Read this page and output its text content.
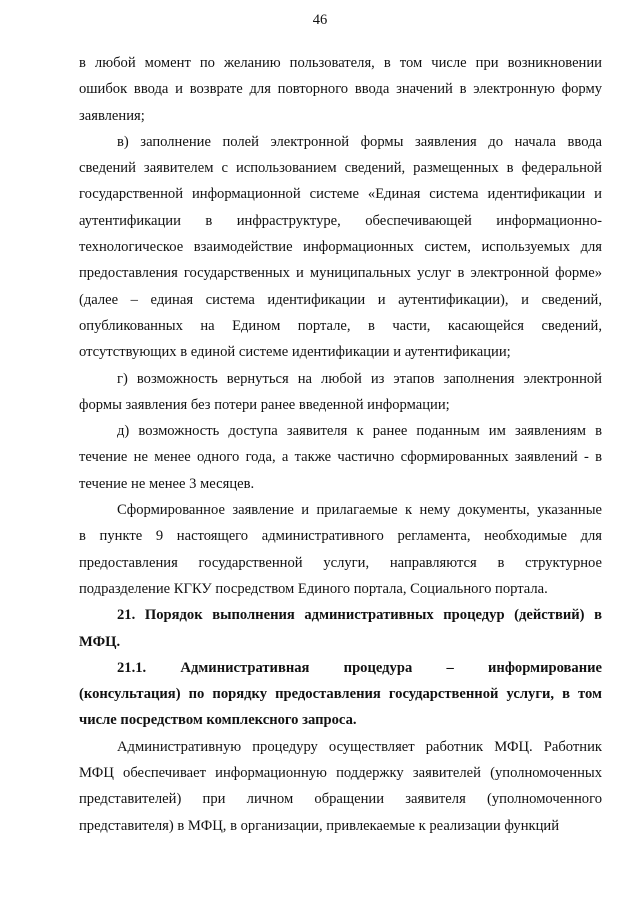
46
в любой момент по желанию пользователя, в том числе при возникновении
ошибок ввода и возврате для повторного ввода значений в электронную форму
заявления;
в) заполнение полей электронной формы заявления до начала ввода
сведений заявителем с использованием сведений, размещенных в федеральной
государственной информационной системе «Единая система идентификации и
аутентификации в инфраструктуре, обеспечивающей информационно-
технологическое взаимодействие информационных систем, используемых для
предоставления государственных и муниципальных услуг в электронной форме»
(далее – единая система идентификации и аутентификации), и сведений,
опубликованных на Едином портале, в части, касающейся сведений,
отсутствующих в единой системе идентификации и аутентификации;
г) возможность вернуться на любой из этапов заполнения электронной
формы заявления без потери ранее введенной информации;
д) возможность доступа заявителя к ранее поданным им заявлениям в
течение не менее одного года, а также частично сформированных заявлений - в
течение не менее 3 месяцев.
Сформированное заявление и прилагаемые к нему документы, указанные
в пункте 9 настоящего административного регламента, необходимые для
предоставления государственной услуги, направляются в структурное
подразделение КГКУ посредством Единого портала, Социального портала.
21. Порядок выполнения административных процедур (действий) в
МФЦ.
21.1. Административная процедура – информирование
(консультация) по порядку предоставления государственной услуги, в том
числе посредством комплексного запроса.
Административную процедуру осуществляет работник МФЦ. Работник
МФЦ обеспечивает информационную поддержку заявителей (уполномоченных
представителей) при личном обращении заявителя (уполномоченного
представителя) в МФЦ, в организации, привлекаемые к реализации функций
